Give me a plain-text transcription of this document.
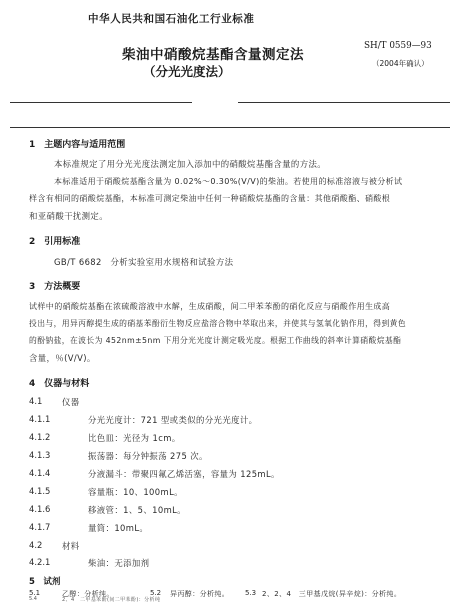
中华人民共和国石油化工行业标准
柴油中硝酸烷基酯含量测定法
（分光光度法）
SH/T 0559—93
（2004年确认）
1　主题内容与适用范围
本标准规定了用分光光度法测定加入添加中的硝酸烷基酯含量的方法。
本标准适用于硝酸烷基酯含量为 0.02%～0.30%(V/V)的柴油。若使用的标准溶液与被分析试
样含有相同的硝酸烷基酯，本标准可测定柴油中任何一种硝酸烷基酯的含量：其他硝酸酯、硝酸根
和亚硝酸干扰测定。
2　引用标准
GB/T 6682　分析实验室用水规格和试验方法
3　方法概要
试样中的硝酸烷基酯在浓硫酸溶液中水解，生成硝酸，间二甲苯苯酚的硝化反应与硝酸作用生成高
投出与，用异丙醇提生成的硝基苯酚衍生物反应盐溶合物中萃取出来，并使其与氢氧化钠作用，得到黄色
的酚钠盐，在波长为 452nm±5nm 下用分光光度计测定吸光度。根据工作曲线的斜率计算硝酸烷基酯
含量，％(V/V)。
4　仪器与材料
4.1 仪器
4.1.1	分光光度计：721 型或类似的分光光度计。
4.1.2	比色皿：光径为 1cm。
4.1.3	振荡器：每分钟振荡 275 次。
4.1.4	分液漏斗：带聚四氟乙烯活塞，容量为 125mL。
4.1.5	容量瓶：10、100mL。
4.1.6	移液管：1、5、10mL。
4.1.7	量筒：10mL。
4.2 材料
4.2.1	柴油：无添加剂
5　试剂
5.1	乙醇：分析纯。	5.2 异丙醇：分析纯。 5.3 2、2、4　三甲基戊烷(异辛烷)：分析纯。
5.4	2、4　二甲基苯酚(间二甲苯酚)：分析纯
